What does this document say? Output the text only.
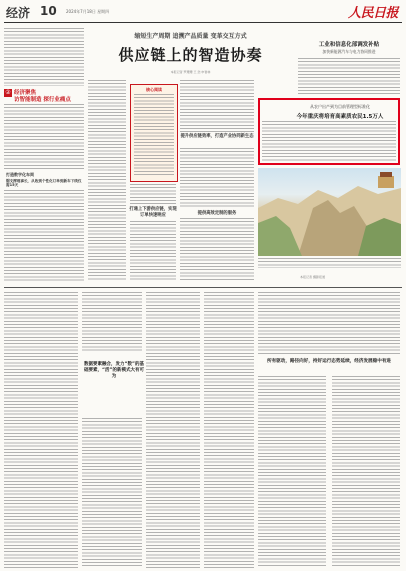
经济 10 2024年7月18日 星期四	人民日报
② 经济聚焦
访智能制造 探行业痛点
打造数字化车间
钢支撑理事长，从收到个性化订单到新车下线仅需15天
缩短生产周期 追溯产品质量 变革交互方式
供应链上的智造协奏
本报记者 罗珊珊 王 浩 申智林
核心阅读
打通上下游供应链，实现订单快速响应
提升供应链效率，打造产业协同新生态
提供高效定制的服务
工业和信息化部调发补贴
加快新能源汽车与电力协同推进
从农户出产到为目前管理型标准化
今年重庆将培育高素质农民1.5万人
本报记者 摄影报道
数据要素融合，发力“数”的基础要素，“活”的新模式大有可为
所有驱动，路径向好，持好运行态势延续，经济发展稳中有进
